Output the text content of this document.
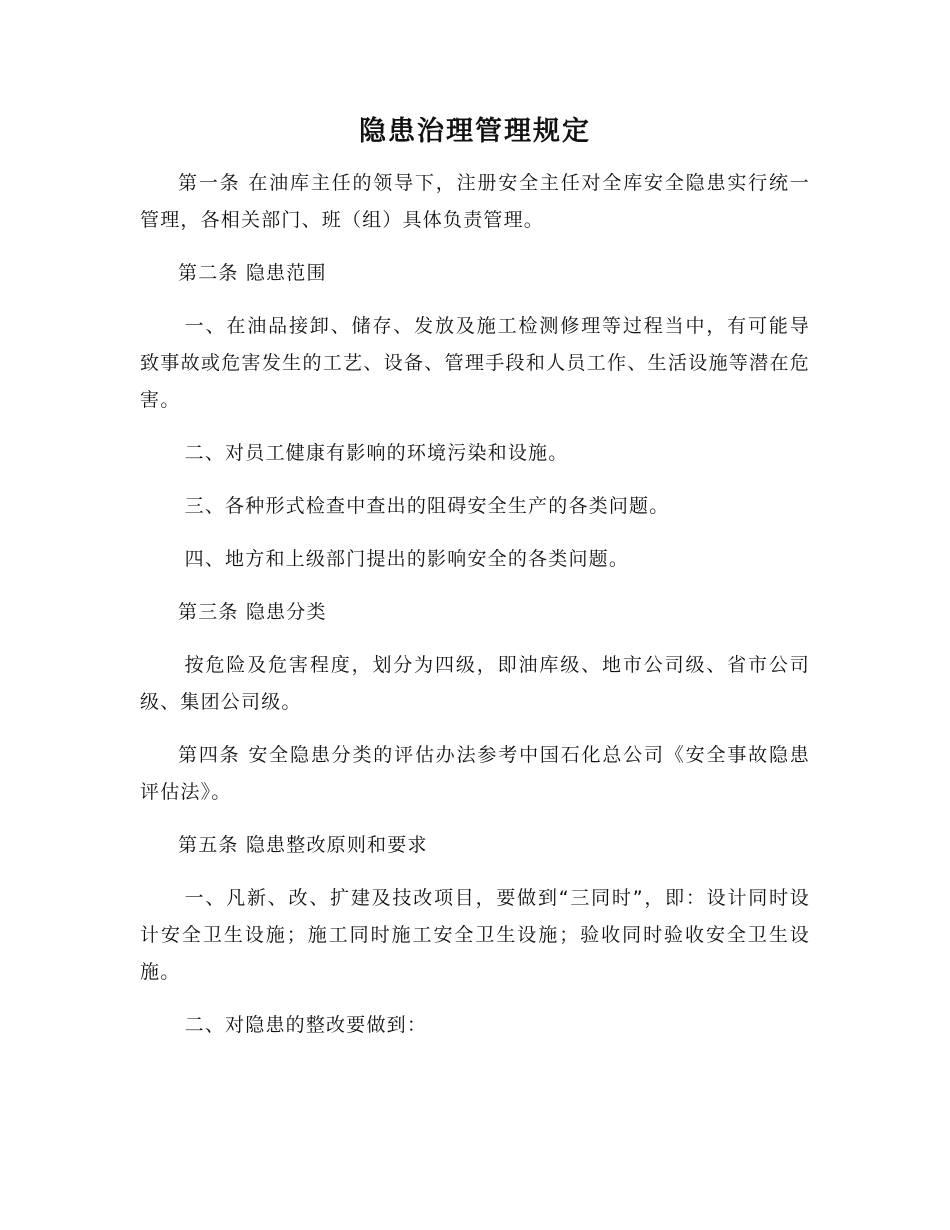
隐患治理管理规定

第一条 在油库主任的领导下，注册安全主任对全库安全隐患实行统一管理，各相关部门、班（组）具体负责管理。

第二条 隐患范围

一、在油品接卸、储存、发放及施工检测修理等过程当中，有可能导致事故或危害发生的工艺、设备、管理手段和人员工作、生活设施等潜在危害。

二、对员工健康有影响的环境污染和设施。

三、各种形式检查中查出的阻碍安全生产的各类问题。

四、地方和上级部门提出的影响安全的各类问题。

第三条 隐患分类

按危险及危害程度，划分为四级，即油库级、地市公司级、省市公司级、集团公司级。

第四条 安全隐患分类的评估办法参考中国石化总公司《安全事故隐患评估法》。

第五条 隐患整改原则和要求

一、凡新、改、扩建及技改项目，要做到“三同时”，即：设计同时设计安全卫生设施；施工同时施工安全卫生设施；验收同时验收安全卫生设施。

二、对隐患的整改要做到：
